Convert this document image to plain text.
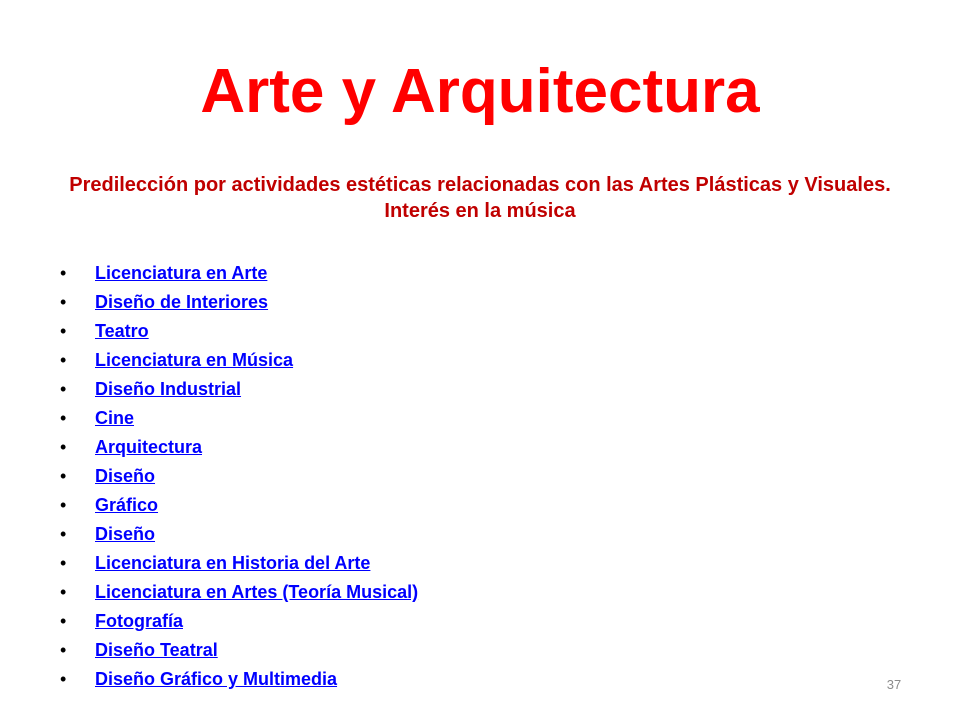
Arte y Arquitectura

Predilección por actividades estéticas relacionadas con las Artes Plásticas y Visuales. Interés en la música

• Licenciatura en Arte
• Diseño de Interiores
• Teatro
• Licenciatura en Música
• Diseño Industrial
• Cine
• Arquitectura
• Diseño
• Gráfico
• Diseño
• Licenciatura en Historia del Arte
• Licenciatura en Artes (Teoría Musical)
• Fotografía
• Diseño Teatral
• Diseño Gráfico y Multimedia	37
